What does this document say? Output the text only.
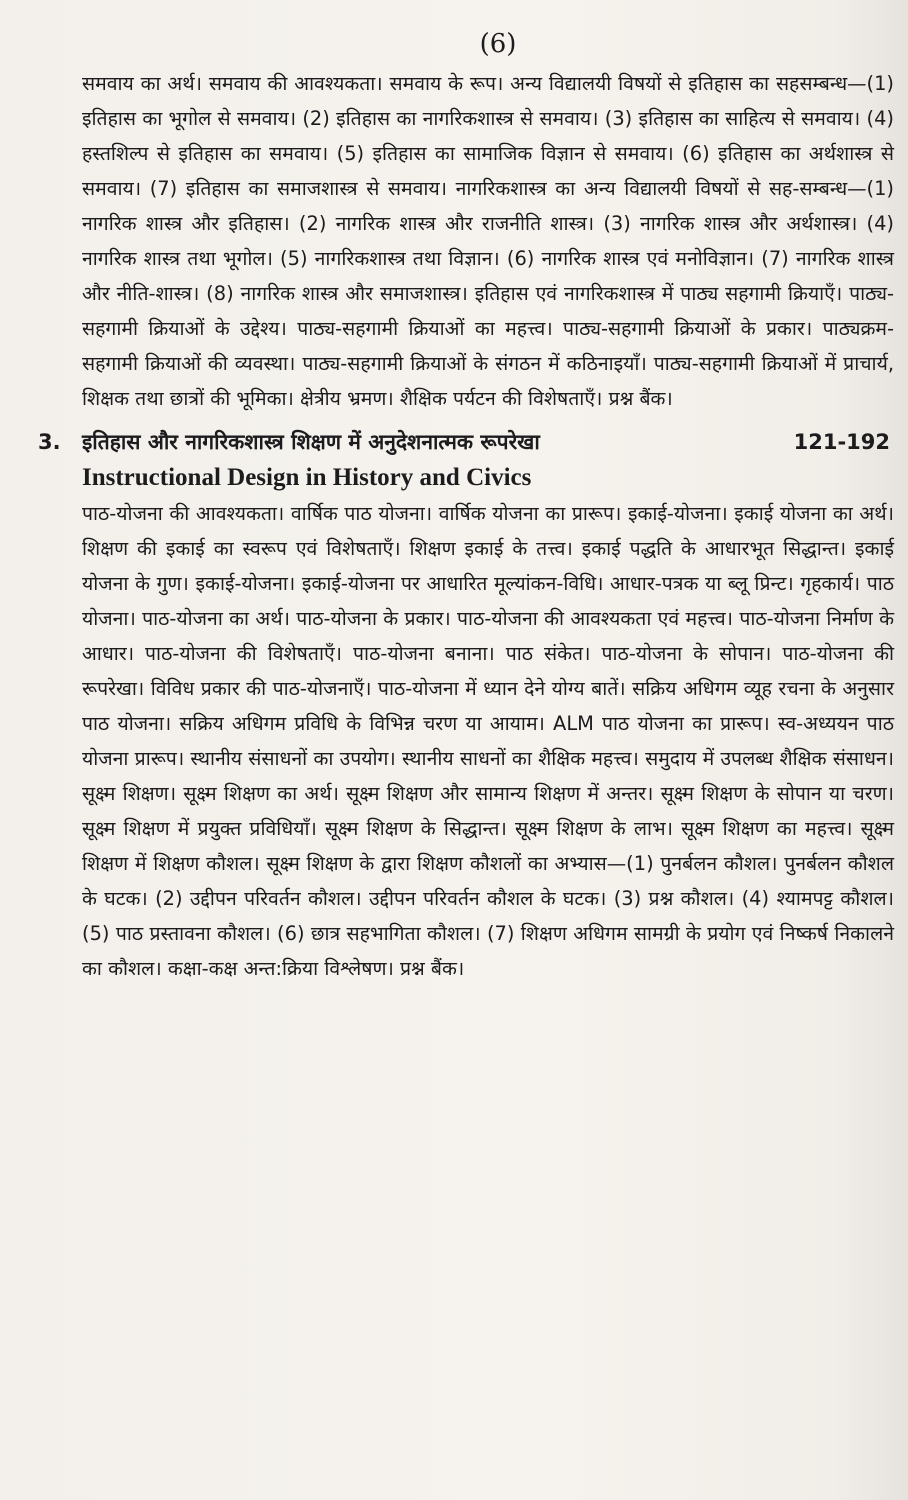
(6)

समवाय का अर्थ। समवाय की आवश्यकता। समवाय के रूप। अन्य विद्यालयी विषयों से इतिहास का सहसम्बन्ध—(1) इतिहास का भूगोल से समवाय। (2) इतिहास का नागरिकशास्त्र से समवाय। (3) इतिहास का साहित्य से समवाय। (4) हस्तशिल्प से इतिहास का समवाय। (5) इतिहास का सामाजिक विज्ञान से समवाय। (6) इतिहास का अर्थशास्त्र से समवाय। (7) इतिहास का समाजशास्त्र से समवाय। नागरिकशास्त्र का अन्य विद्यालयी विषयों से सह-सम्बन्ध—(1) नागरिक शास्त्र और इतिहास। (2) नागरिक शास्त्र और राजनीति शास्त्र। (3) नागरिक शास्त्र और अर्थशास्त्र। (4) नागरिक शास्त्र तथा भूगोल। (5) नागरिकशास्त्र तथा विज्ञान। (6) नागरिक शास्त्र एवं मनोविज्ञान। (7) नागरिक शास्त्र और नीति-शास्त्र। (8) नागरिक शास्त्र और समाजशास्त्र। इतिहास एवं नागरिकशास्त्र में पाठ्य सहगामी क्रियाएँ। पाठ्य-सहगामी क्रियाओं के उद्देश्य। पाठ्य-सहगामी क्रियाओं का महत्त्व। पाठ्य-सहगामी क्रियाओं के प्रकार। पाठ्यक्रम-सहगामी क्रियाओं की व्यवस्था। पाठ्य-सहगामी क्रियाओं के संगठन में कठिनाइयाँ। पाठ्य-सहगामी क्रियाओं में प्राचार्य, शिक्षक तथा छात्रों की भूमिका। क्षेत्रीय भ्रमण। शैक्षिक पर्यटन की विशेषताएँ। प्रश्न बैंक।

3.	इतिहास और नागरिकशास्त्र शिक्षण में अनुदेशनात्मक रूपरेखा	121-192
Instructional Design in History and Civics

पाठ-योजना की आवश्यकता। वार्षिक पाठ योजना। वार्षिक योजना का प्रारूप। इकाई-योजना। इकाई योजना का अर्थ। शिक्षण की इकाई का स्वरूप एवं विशेषताएँ। शिक्षण इकाई के तत्त्व। इकाई पद्धति के आधारभूत सिद्धान्त। इकाई योजना के गुण। इकाई-योजना। इकाई-योजना पर आधारित मूल्यांकन-विधि। आधार-पत्रक या ब्लू प्रिन्ट। गृहकार्य। पाठ योजना। पाठ-योजना का अर्थ। पाठ-योजना के प्रकार। पाठ-योजना की आवश्यकता एवं महत्त्व। पाठ-योजना निर्माण के आधार। पाठ-योजना की विशेषताएँ। पाठ-योजना बनाना। पाठ संकेत। पाठ-योजना के सोपान। पाठ-योजना की रूपरेखा। विविध प्रकार की पाठ-योजनाएँ। पाठ-योजना में ध्यान देने योग्य बातें। सक्रिय अधिगम व्यूह रचना के अनुसार पाठ योजना। सक्रिय अधिगम प्रविधि के विभिन्न चरण या आयाम। ALM पाठ योजना का प्रारूप। स्व-अध्ययन पाठ योजना प्रारूप। स्थानीय संसाधनों का उपयोग। स्थानीय साधनों का शैक्षिक महत्त्व। समुदाय में उपलब्ध शैक्षिक संसाधन। सूक्ष्म शिक्षण। सूक्ष्म शिक्षण का अर्थ। सूक्ष्म शिक्षण और सामान्य शिक्षण में अन्तर। सूक्ष्म शिक्षण के सोपान या चरण। सूक्ष्म शिक्षण में प्रयुक्त प्रविधियाँ। सूक्ष्म शिक्षण के सिद्धान्त। सूक्ष्म शिक्षण के लाभ। सूक्ष्म शिक्षण का महत्त्व। सूक्ष्म शिक्षण में शिक्षण कौशल। सूक्ष्म शिक्षण के द्वारा शिक्षण कौशलों का अभ्यास—(1) पुनर्बलन कौशल। पुनर्बलन कौशल के घटक। (2) उद्दीपन परिवर्तन कौशल। उद्दीपन परिवर्तन कौशल के घटक। (3) प्रश्न कौशल। (4) श्यामपट्ट कौशल। (5) पाठ प्रस्तावना कौशल। (6) छात्र सहभागिता कौशल। (7) शिक्षण अधिगम सामग्री के प्रयोग एवं निष्कर्ष निकालने का कौशल। कक्षा-कक्ष अन्त:क्रिया विश्लेषण। प्रश्न बैंक।
